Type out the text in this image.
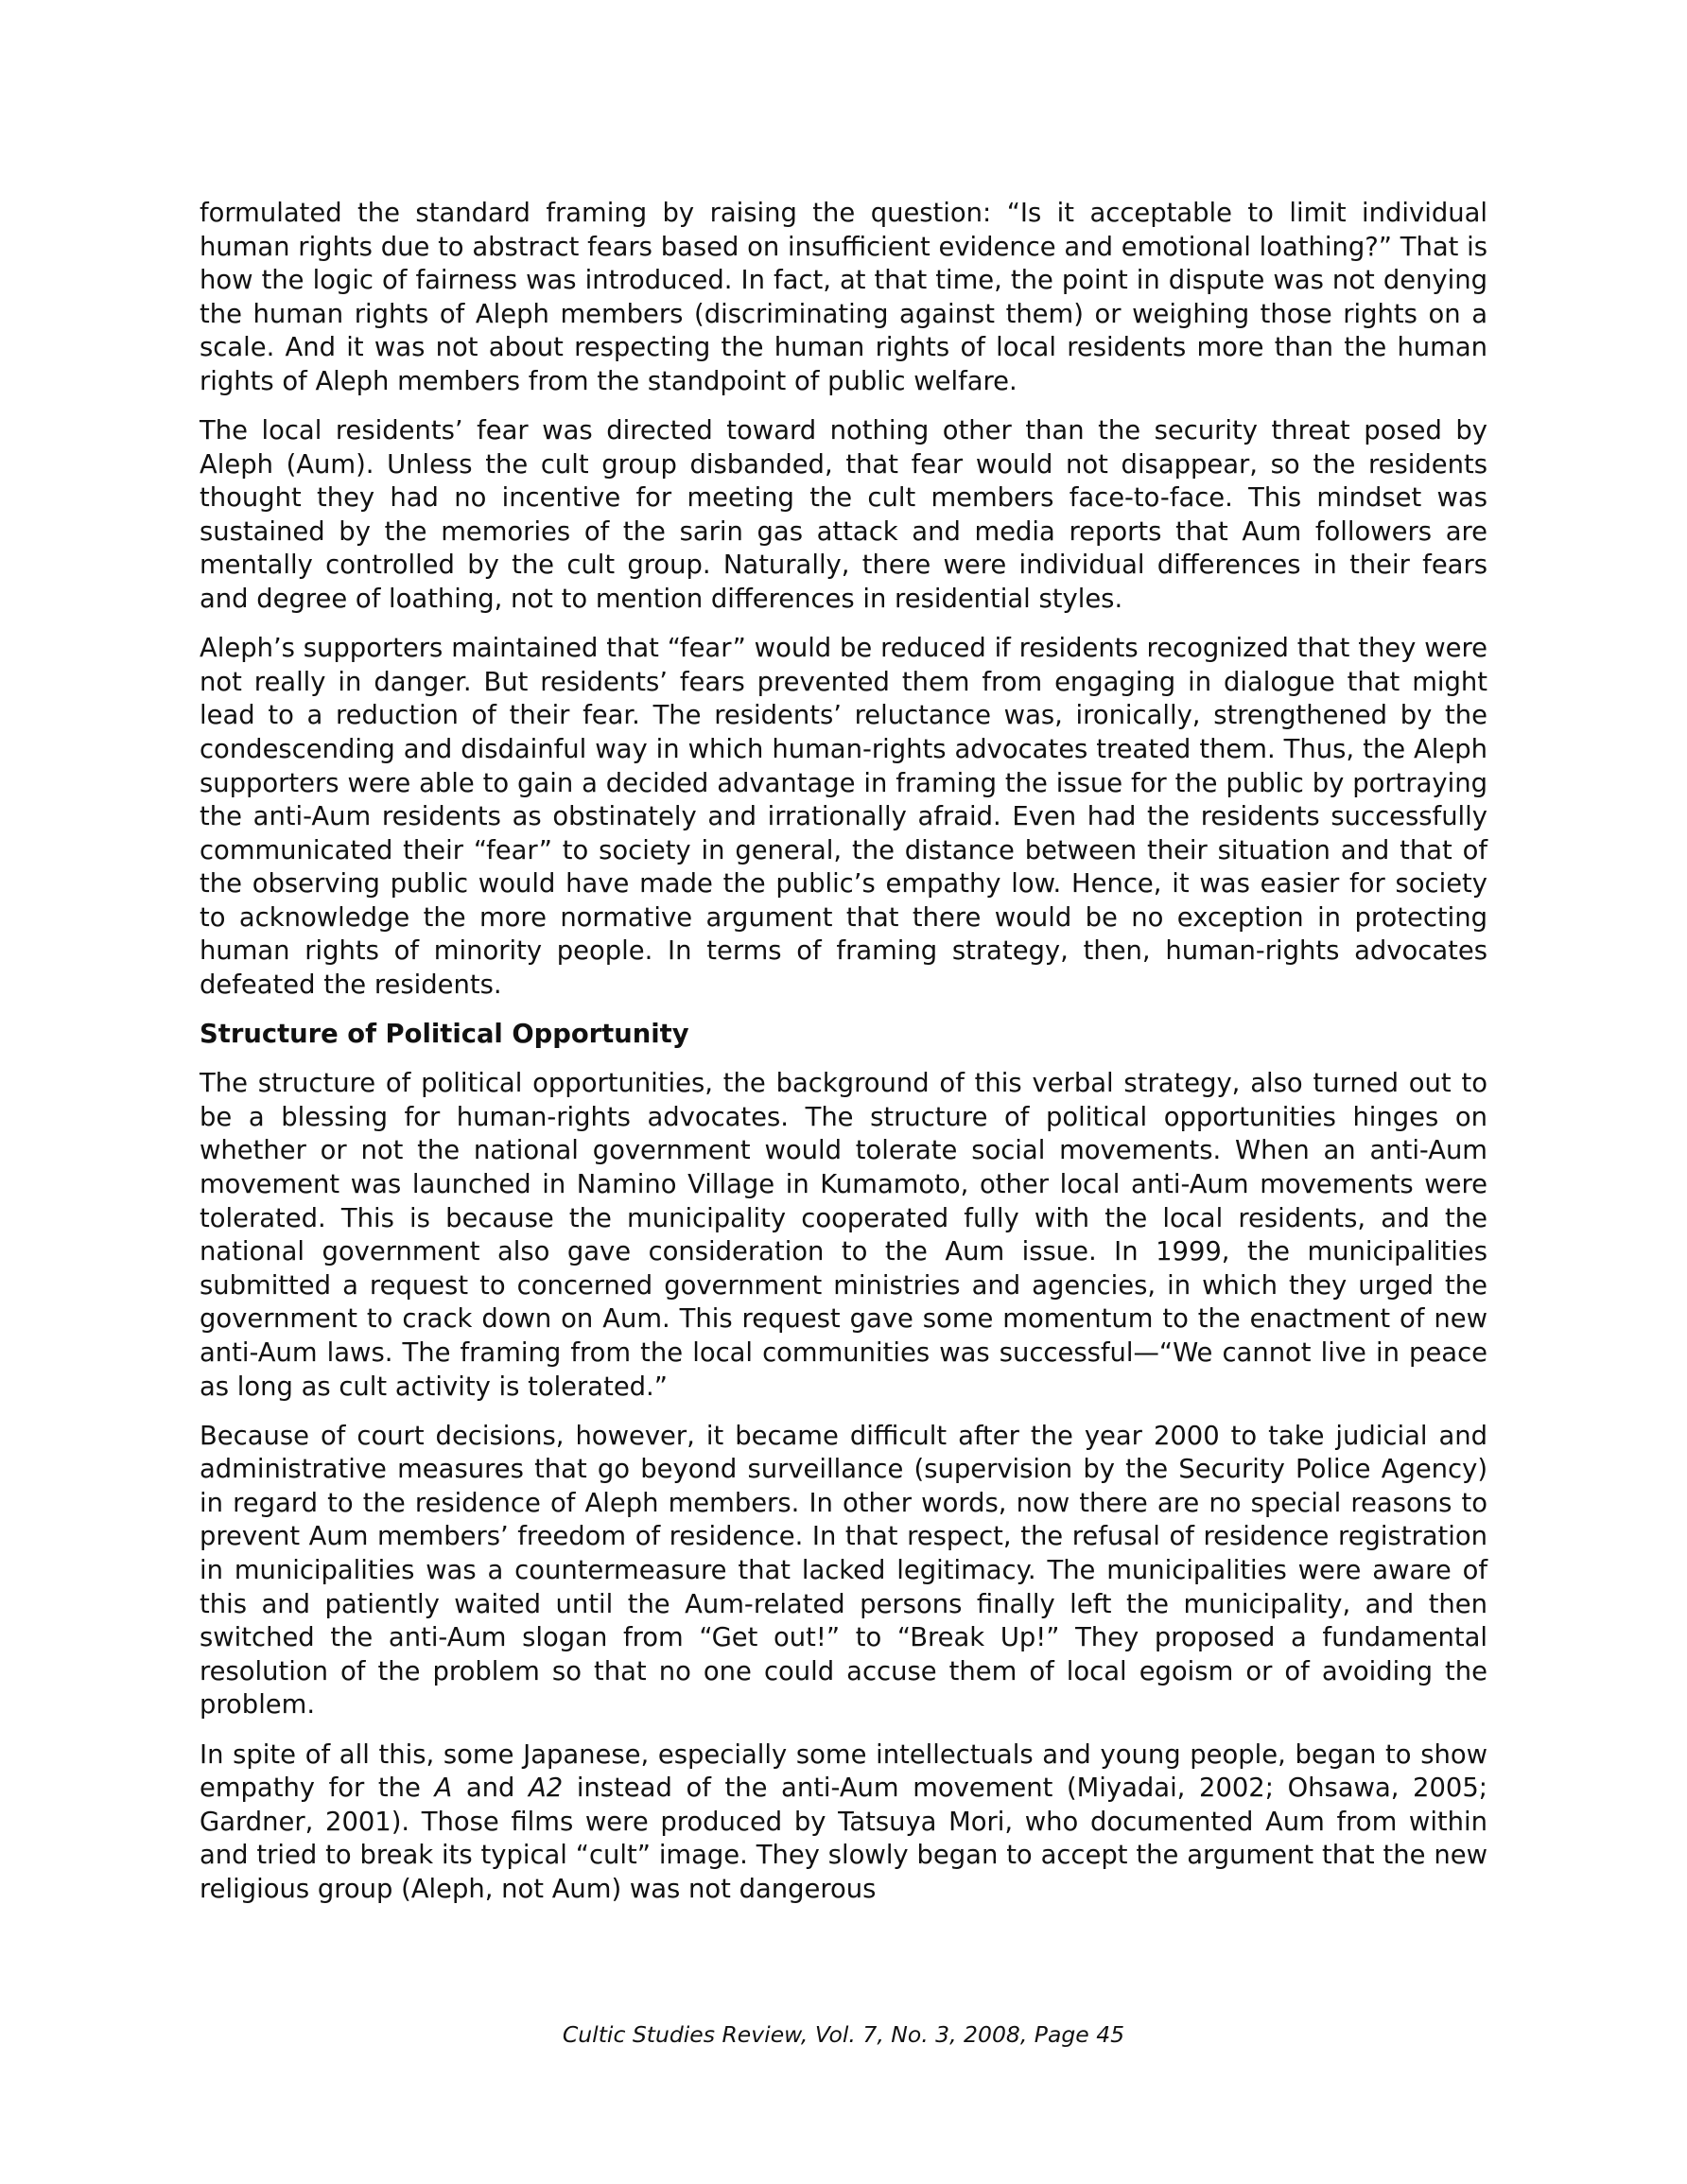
formulated the standard framing by raising the question: “Is it acceptable to limit individual human rights due to abstract fears based on insufficient evidence and emotional loathing?” That is how the logic of fairness was introduced. In fact, at that time, the point in dispute was not denying the human rights of Aleph members (discriminating against them) or weighing those rights on a scale. And it was not about respecting the human rights of local residents more than the human rights of Aleph members from the standpoint of public welfare.

The local residents’ fear was directed toward nothing other than the security threat posed by Aleph (Aum). Unless the cult group disbanded, that fear would not disappear, so the residents thought they had no incentive for meeting the cult members face-to-face. This mindset was sustained by the memories of the sarin gas attack and media reports that Aum followers are mentally controlled by the cult group. Naturally, there were individual differences in their fears and degree of loathing, not to mention differences in residential styles.

Aleph’s supporters maintained that “fear” would be reduced if residents recognized that they were not really in danger. But residents’ fears prevented them from engaging in dialogue that might lead to a reduction of their fear. The residents’ reluctance was, ironically, strengthened by the condescending and disdainful way in which human-rights advocates treated them. Thus, the Aleph supporters were able to gain a decided advantage in framing the issue for the public by portraying the anti-Aum residents as obstinately and irrationally afraid. Even had the residents successfully communicated their “fear” to society in general, the distance between their situation and that of the observing public would have made the public’s empathy low. Hence, it was easier for society to acknowledge the more normative argument that there would be no exception in protecting human rights of minority people. In terms of framing strategy, then, human-rights advocates defeated the residents.

Structure of Political Opportunity

The structure of political opportunities, the background of this verbal strategy, also turned out to be a blessing for human-rights advocates. The structure of political opportunities hinges on whether or not the national government would tolerate social movements. When an anti-Aum movement was launched in Namino Village in Kumamoto, other local anti-Aum movements were tolerated. This is because the municipality cooperated fully with the local residents, and the national government also gave consideration to the Aum issue. In 1999, the municipalities submitted a request to concerned government ministries and agencies, in which they urged the government to crack down on Aum. This request gave some momentum to the enactment of new anti-Aum laws. The framing from the local communities was successful—“We cannot live in peace as long as cult activity is tolerated.”

Because of court decisions, however, it became difficult after the year 2000 to take judicial and administrative measures that go beyond surveillance (supervision by the Security Police Agency) in regard to the residence of Aleph members. In other words, now there are no special reasons to prevent Aum members’ freedom of residence. In that respect, the refusal of residence registration in municipalities was a countermeasure that lacked legitimacy. The municipalities were aware of this and patiently waited until the Aum-related persons finally left the municipality, and then switched the anti-Aum slogan from “Get out!” to “Break Up!” They proposed a fundamental resolution of the problem so that no one could accuse them of local egoism or of avoiding the problem.

In spite of all this, some Japanese, especially some intellectuals and young people, began to show empathy for the A and A2 instead of the anti-Aum movement (Miyadai, 2002; Ohsawa, 2005; Gardner, 2001). Those films were produced by Tatsuya Mori, who documented Aum from within and tried to break its typical “cult” image. They slowly began to accept the argument that the new religious group (Aleph, not Aum) was not dangerous

Cultic Studies Review, Vol. 7, No. 3, 2008, Page 45
